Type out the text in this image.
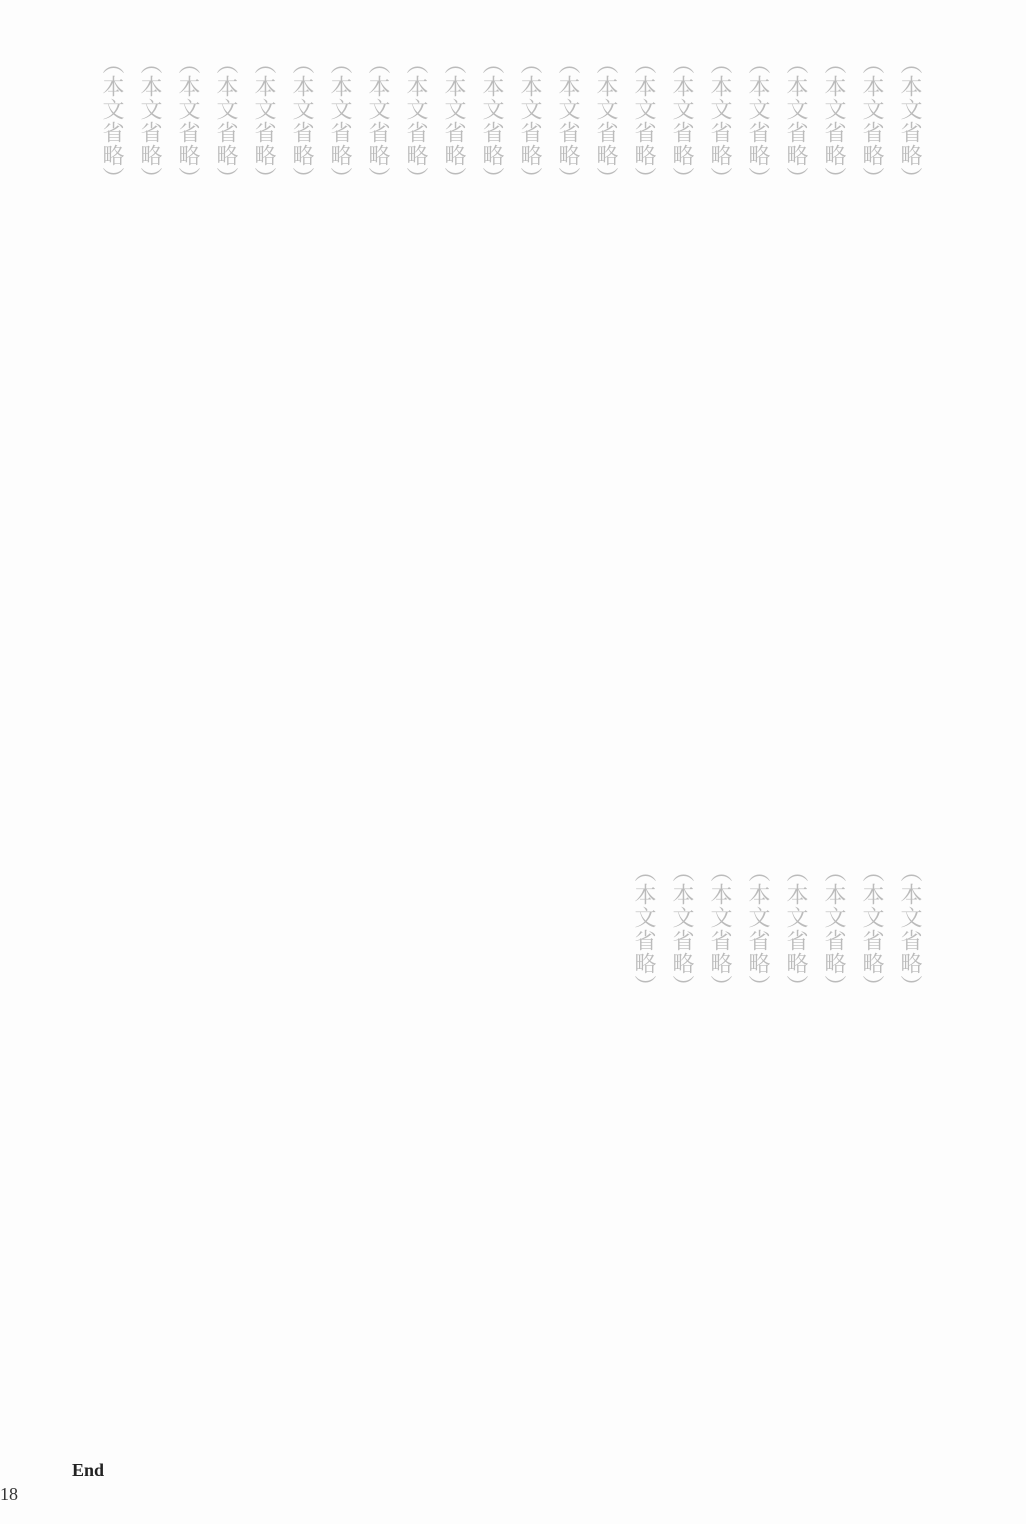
（本文省略）
（本文省略）
（本文省略）
（本文省略）
（本文省略）
（本文省略）
（本文省略）
（本文省略）
（本文省略）
（本文省略）
（本文省略）
（本文省略）
（本文省略）
（本文省略）
（本文省略）
（本文省略）
（本文省略）
（本文省略）
（本文省略）
（本文省略）
（本文省略）
（本文省略）
（本文省略）
（本文省略）
（本文省略）
（本文省略）
（本文省略）
（本文省略）
（本文省略）
（本文省略）
End
18
